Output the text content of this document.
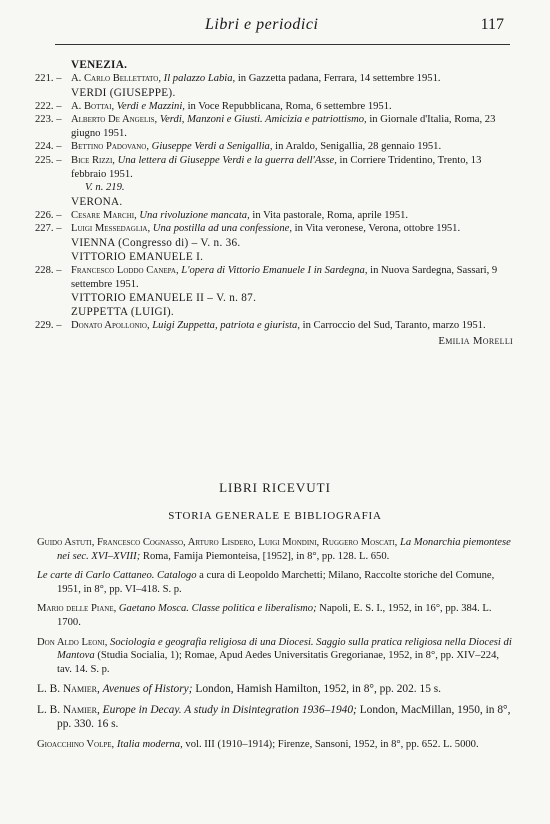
Libri e periodici	117
VENEZIA.
221. – A. Carlo Bellettato, Il palazzo Labia, in Gazzetta padana, Ferrara, 14 settembre 1951.
VERDI (GIUSEPPE).
222. – A. Bottai, Verdi e Mazzini, in Voce Repubblicana, Roma, 6 settembre 1951.
223. – Alberto De Angelis, Verdi, Manzoni e Giusti. Amicizia e patriottismo, in Giornale d'Italia, Roma, 23 giugno 1951.
224. – Bettino Padovano, Giuseppe Verdi a Senigallia, in Araldo, Senigallia, 28 gennaio 1951.
225. – Bice Rizzi, Una lettera di Giuseppe Verdi e la guerra dell'Asse, in Corriere Tridentino, Trento, 13 febbraio 1951.
V. n. 219.
VERONA.
226. – Cesare Marchi, Una rivoluzione mancata, in Vita pastorale, Roma, aprile 1951.
227. – Luigi Messedaglia, Una postilla ad una confessione, in Vita veronese, Verona, ottobre 1951.
VIENNA (Congresso di) – V. n. 36.
VITTORIO EMANUELE I.
228. – Francesco Loddo Canepa, L'opera di Vittorio Emanuele I in Sardegna, in Nuova Sardegna, Sassari, 9 settembre 1951.
VITTORIO EMANUELE II – V. n. 87.
ZUPPETTA (LUIGI).
229. – Donato Apollonio, Luigi Zuppetta, patriota e giurista, in Carroccio del Sud, Taranto, marzo 1951.
Emilia Morelli
LIBRI RICEVUTI
STORIA GENERALE E BIBLIOGRAFIA
Guido Astuti, Francesco Cognasso, Arturo Lisdero, Luigi Mondini, Ruggero Moscati, La Monarchia piemontese nei sec. XVI–XVIII; Roma, Famija Piemonteisa, [1952], in 8°, pp. 128. L. 650.
Le carte di Carlo Cattaneo. Catalogo a cura di Leopoldo Marchetti; Milano, Raccolte storiche del Comune, 1951, in 8°, pp. VI–418. S. p.
Mario delle Piane, Gaetano Mosca. Classe politica e liberalismo; Napoli, E. S. I., 1952, in 16°, pp. 384. L. 1700.
Don Aldo Leoni, Sociologia e geografia religiosa di una Diocesi. Saggio sulla pratica religiosa nella Diocesi di Mantova (Studia Socialia, 1); Romae, Apud Aedes Universitatis Gregorianae, 1952, in 8°, pp. XIV–224, tav. 14. S. p.
L. B. Namier, Avenues of History; London, Hamish Hamilton, 1952, in 8°, pp. 202. 15 s.
L. B. Namier, Europe in Decay. A study in Disintegration 1936–1940; London, MacMillan, 1950, in 8°, pp. 330. 16 s.
Gioacchino Volpe, Italia moderna, vol. III (1910–1914); Firenze, Sansoni, 1952, in 8°, pp. 652. L. 5000.
